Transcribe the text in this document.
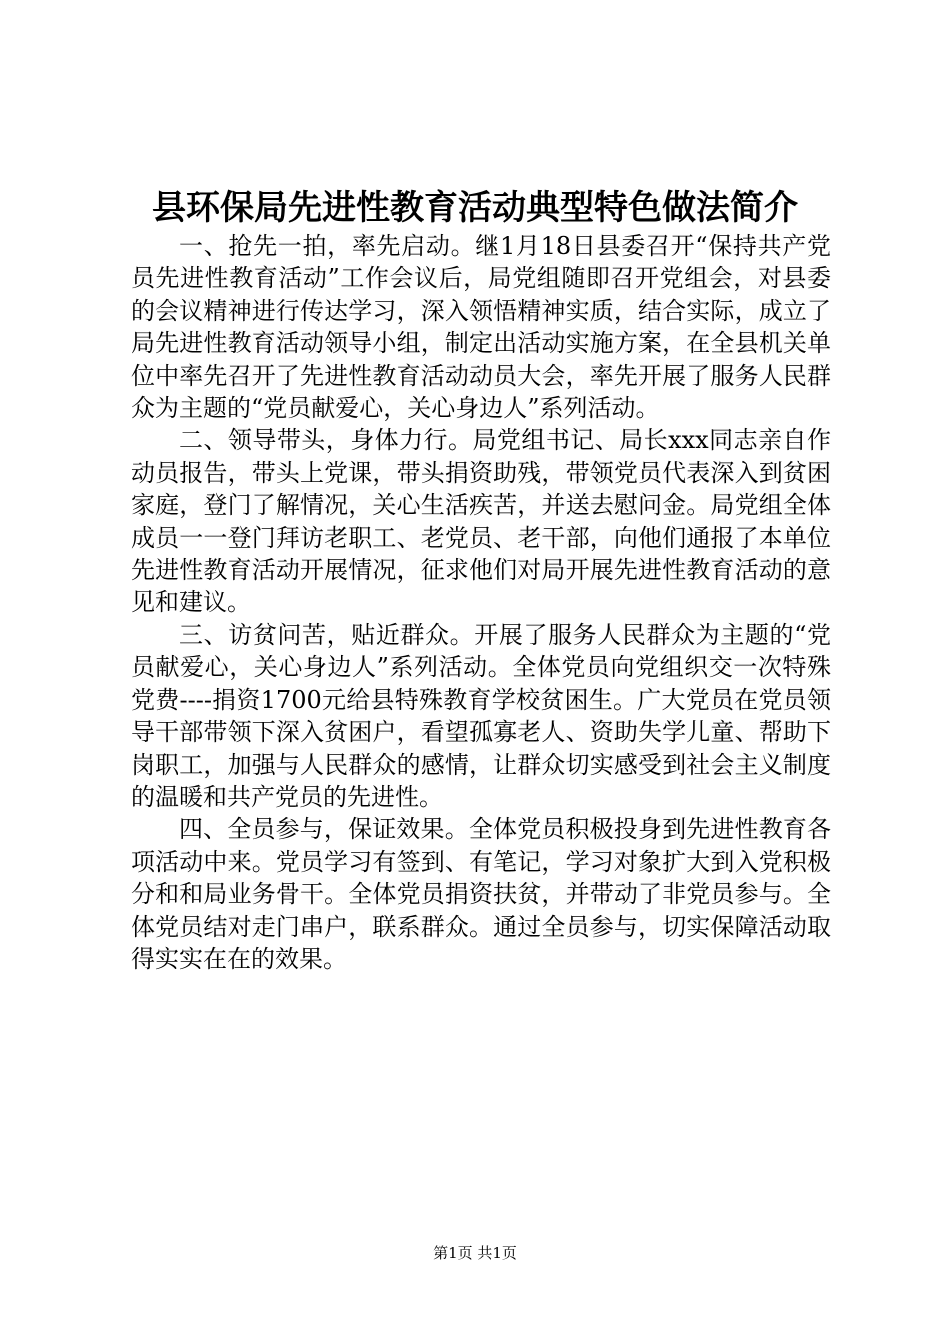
县环保局先进性教育活动典型特色做法简介

一、抢先一拍，率先启动。继1月18日县委召开“保持共产党员先进性教育活动”工作会议后，局党组随即召开党组会，对县委的会议精神进行传达学习，深入领悟精神实质，结合实际，成立了局先进性教育活动领导小组，制定出活动实施方案，在全县机关单位中率先召开了先进性教育活动动员大会，率先开展了服务人民群众为主题的“党员献爱心，关心身边人”系列活动。

二、领导带头，身体力行。局党组书记、局长xxx同志亲自作动员报告，带头上党课，带头捐资助残，带领党员代表深入到贫困家庭，登门了解情况，关心生活疾苦，并送去慰问金。局党组全体成员一一登门拜访老职工、老党员、老干部，向他们通报了本单位先进性教育活动开展情况，征求他们对局开展先进性教育活动的意见和建议。

三、访贫问苦，贴近群众。开展了服务人民群众为主题的“党员献爱心，关心身边人”系列活动。全体党员向党组织交一次特殊党费----捐资1700元给县特殊教育学校贫困生。广大党员在党员领导干部带领下深入贫困户，看望孤寡老人、资助失学儿童、帮助下岗职工，加强与人民群众的感情，让群众切实感受到社会主义制度的温暖和共产党员的先进性。

四、全员参与，保证效果。全体党员积极投身到先进性教育各项活动中来。党员学习有签到、有笔记，学习对象扩大到入党积极分和和局业务骨干。全体党员捐资扶贫，并带动了非党员参与。全体党员结对走门串户，联系群众。通过全员参与，切实保障活动取得实实在在的效果。

第1页 共1页
